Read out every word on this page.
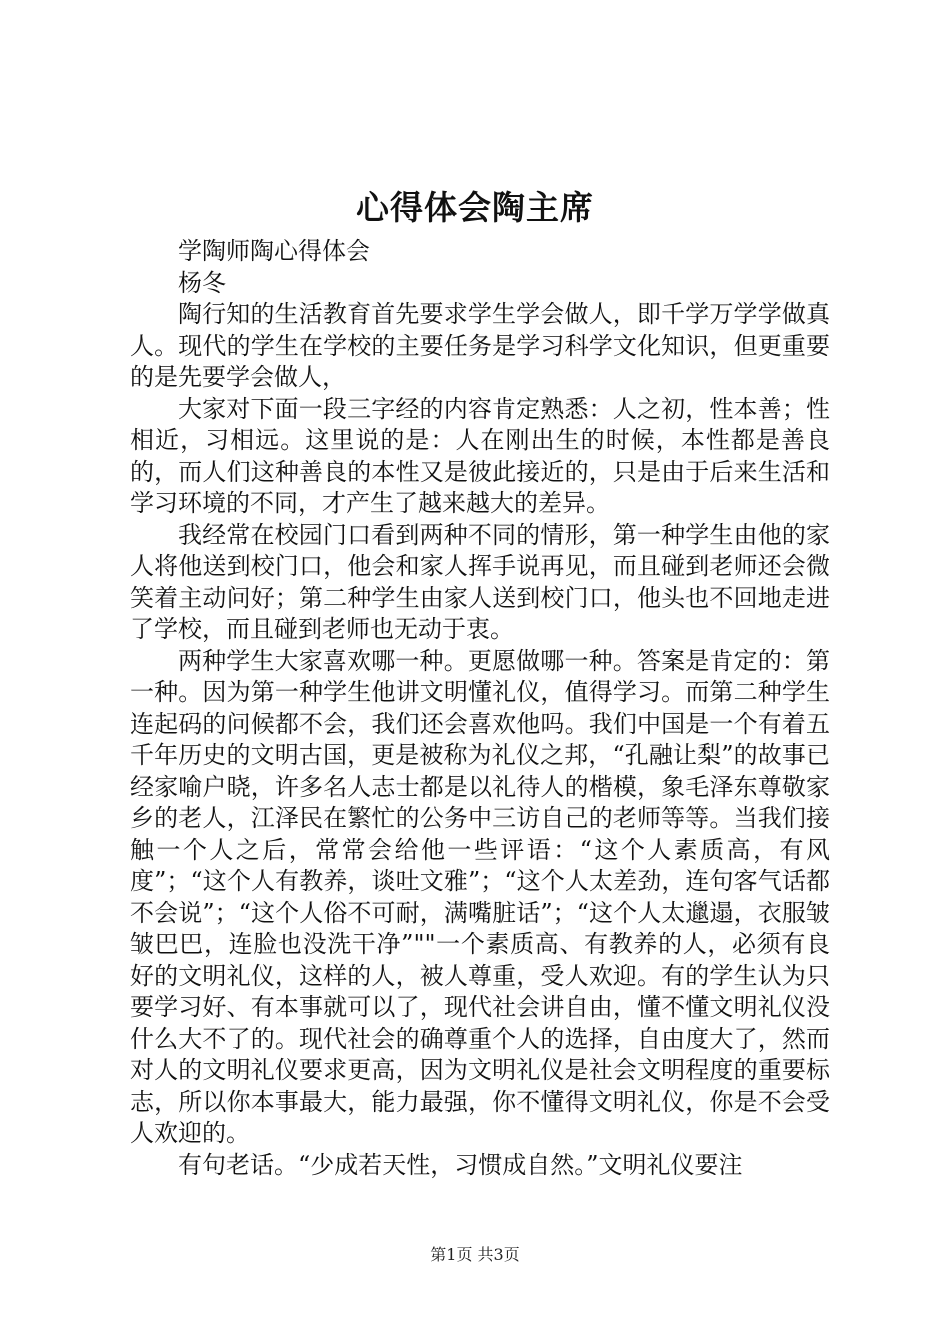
心得体会陶主席

学陶师陶心得体会

杨冬

陶行知的生活教育首先要求学生学会做人，即千学万学学做真人。现代的学生在学校的主要任务是学习科学文化知识，但更重要的是先要学会做人，

大家对下面一段三字经的内容肯定熟悉：人之初，性本善；性相近，习相远。这里说的是：人在刚出生的时候，本性都是善良的，而人们这种善良的本性又是彼此接近的，只是由于后来生活和学习环境的不同，才产生了越来越大的差异。

我经常在校园门口看到两种不同的情形，第一种学生由他的家人将他送到校门口，他会和家人挥手说再见，而且碰到老师还会微笑着主动问好；第二种学生由家人送到校门口，他头也不回地走进了学校，而且碰到老师也无动于衷。

两种学生大家喜欢哪一种。更愿做哪一种。答案是肯定的：第一种。因为第一种学生他讲文明懂礼仪，值得学习。而第二种学生连起码的问候都不会，我们还会喜欢他吗。我们中国是一个有着五千年历史的文明古国，更是被称为礼仪之邦，“孔融让梨”的故事已经家喻户晓，许多名人志士都是以礼待人的楷模，象毛泽东尊敬家乡的老人，江泽民在繁忙的公务中三访自己的老师等等。当我们接触一个人之后，常常会给他一些评语：“这个人素质高，有风度”；“这个人有教养，谈吐文雅”；“这个人太差劲，连句客气话都不会说”；“这个人俗不可耐，满嘴脏话”；“这个人太邋遢，衣服皱皱巴巴，连脸也没洗干净”""一个素质高、有教养的人，必须有良好的文明礼仪，这样的人，被人尊重，受人欢迎。有的学生认为只要学习好、有本事就可以了，现代社会讲自由，懂不懂文明礼仪没什么大不了的。现代社会的确尊重个人的选择，自由度大了，然而对人的文明礼仪要求更高，因为文明礼仪是社会文明程度的重要标志，所以你本事最大，能力最强，你不懂得文明礼仪，你是不会受人欢迎的。

有句老话。“少成若天性，习惯成自然。”文明礼仪要注

第1页 共3页
